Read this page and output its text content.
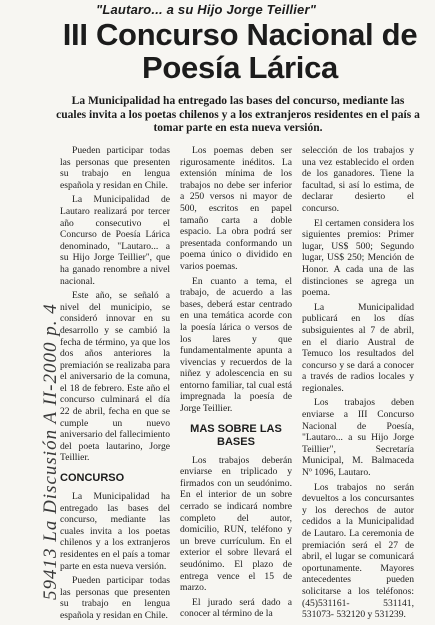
59413 La Discusión A II-2000 p. 4
"Lautaro... a su Hijo Jorge Teillier"
III Concurso Nacional de Poesía Lárica
La Municipalidad ha entregado las bases del concurso, mediante las cuales invita a los poetas chilenos y a los extranjeros residentes en el país a tomar parte en esta nueva versión.

Pueden participar todas las personas que presenten su trabajo en lengua española y residan en Chile.

La Municipalidad de Lautaro realizará por tercer año consecutivo el Concurso de Poesía Lárica denominado, "Lautaro... a su Hijo Jorge Teillier", que ha ganado renombre a nivel nacional.

Este año, se señaló a nivel del municipio, se consideró innovar en su desarrollo y se cambió la fecha de término, ya que los dos años anteriores la premiación se realizaba para el aniversario de la comuna, el 18 de febrero. Este año el concurso culminará el día 22 de abril, fecha en que se cumple un nuevo aniversario del fallecimiento del poeta lautarino, Jorge Teillier.

CONCURSO

La Municipalidad ha entregado las bases del concurso, mediante las cuales invita a los poetas chilenos y a los extranjeros residentes en el país a tomar parte en esta nueva versión.

Pueden participar todas las personas que presenten su trabajo en lengua española y residan en Chile.

Los poemas deben ser rigurosamente inéditos. La extensión mínima de los trabajos no debe ser inferior a 250 versos ni mayor de 500, escritos en papel tamaño carta a doble espacio. La obra podrá ser presentada conformando un poema único o dividido en varios poemas.

En cuanto a tema, el trabajo, de acuerdo a las bases, deberá estar centrado en una temática acorde con la poesía lárica o versos de los lares y que fundamentalmente apunta a vivencias y recuerdos de la niñez y adolescencia en su entorno familiar, tal cual está impregnada la poesía de Jorge Teillier.

MAS SOBRE LAS BASES

Los trabajos deberán enviarse en triplicado y firmados con un seudónimo. En el interior de un sobre cerrado se indicará nombre completo del autor, domicilio, RUN, teléfono y un breve currículum. En el exterior el sobre llevará el seudónimo. El plazo de entrega vence el 15 de marzo.

El jurado será dado a conocer al término de la

selección de los trabajos y una vez establecido el orden de los ganadores. Tiene la facultad, si así lo estima, de declarar desierto el concurso.

El certamen considera los siguientes premios: Primer lugar, US$ 500; Segundo lugar, US$ 250; Mención de Honor. A cada una de las distinciones se agrega un poema.

La Municipalidad publicará en los días subsiguientes al 7 de abril, en el diario Austral de Temuco los resultados del concurso y se dará a conocer a través de radios locales y regionales.

Los trabajos deben enviarse a III Concurso Nacional de Poesía, "Lautaro... a su Hijo Jorge Teillier", Secretaría Municipal, M. Balmaceda Nº 1096, Lautaro.

Los trabajos no serán devueltos a los concursantes y los derechos de autor cedidos a la Municipalidad de Lautaro. La ceremonia de premiación será el 27 de abril, el lugar se comunicará oportunamente. Mayores antecedentes pueden solicitarse a los teléfonos: (45)531161- 531141, 531073- 532120 y 531239.
